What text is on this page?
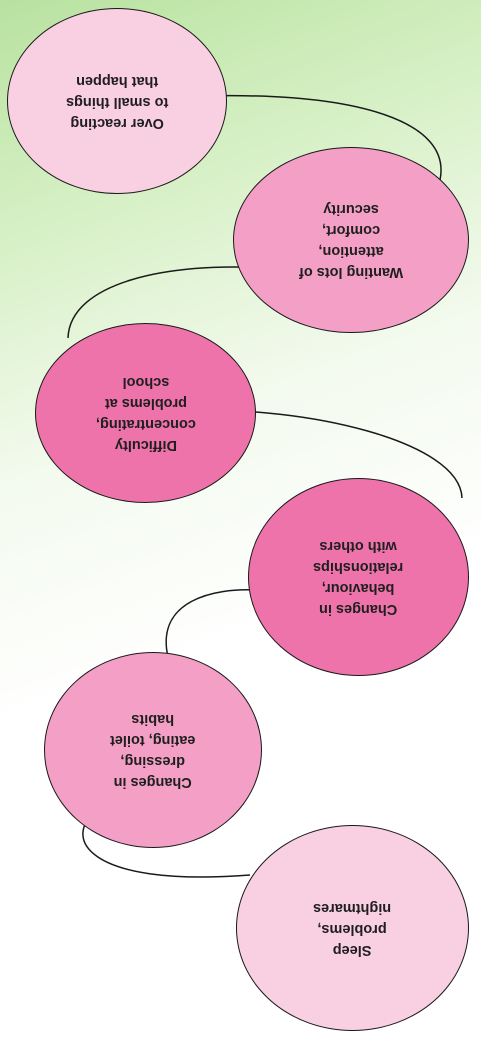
Over reacting
to small things
that happen
Wanting lots of
attention,
comfort,
security
Difficulty
concentrating,
problems at
school
Changes in
behaviour,
relationships
with others
Changes in
dressing,
eating, toilet
habits
Sleep
problems,
nightmares
